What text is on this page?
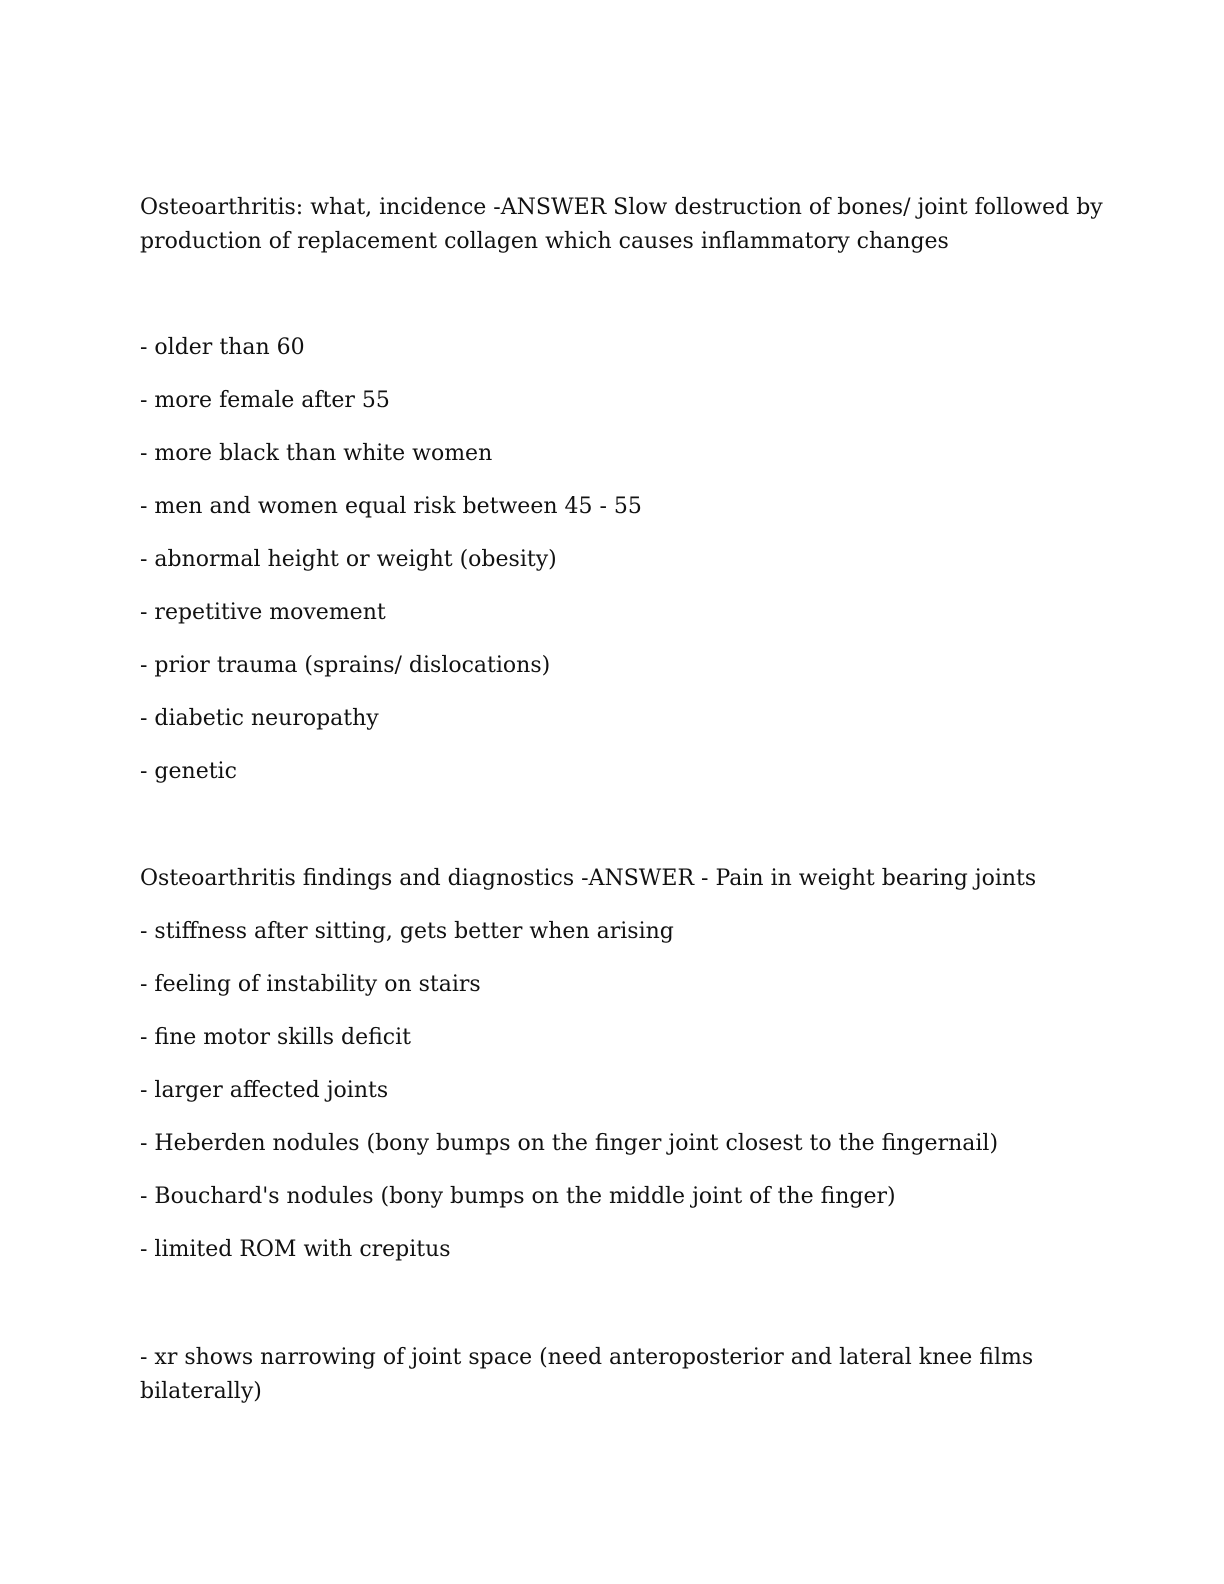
Osteoarthritis: what, incidence -ANSWER Slow destruction of bones/ joint followed by
production of replacement collagen which causes inflammatory changes
- older than 60
- more female after 55
- more black than white women
- men and women equal risk between 45 - 55
- abnormal height or weight (obesity)
- repetitive movement
- prior trauma (sprains/ dislocations)
- diabetic neuropathy
- genetic
Osteoarthritis findings and diagnostics -ANSWER - Pain in weight bearing joints
- stiffness after sitting, gets better when arising
- feeling of instability on stairs
- fine motor skills deficit
- larger affected joints
- Heberden nodules (bony bumps on the finger joint closest to the fingernail)
- Bouchard's nodules (bony bumps on the middle joint of the finger)
- limited ROM with crepitus
- xr shows narrowing of joint space (need anteroposterior and lateral knee films
bilaterally)
